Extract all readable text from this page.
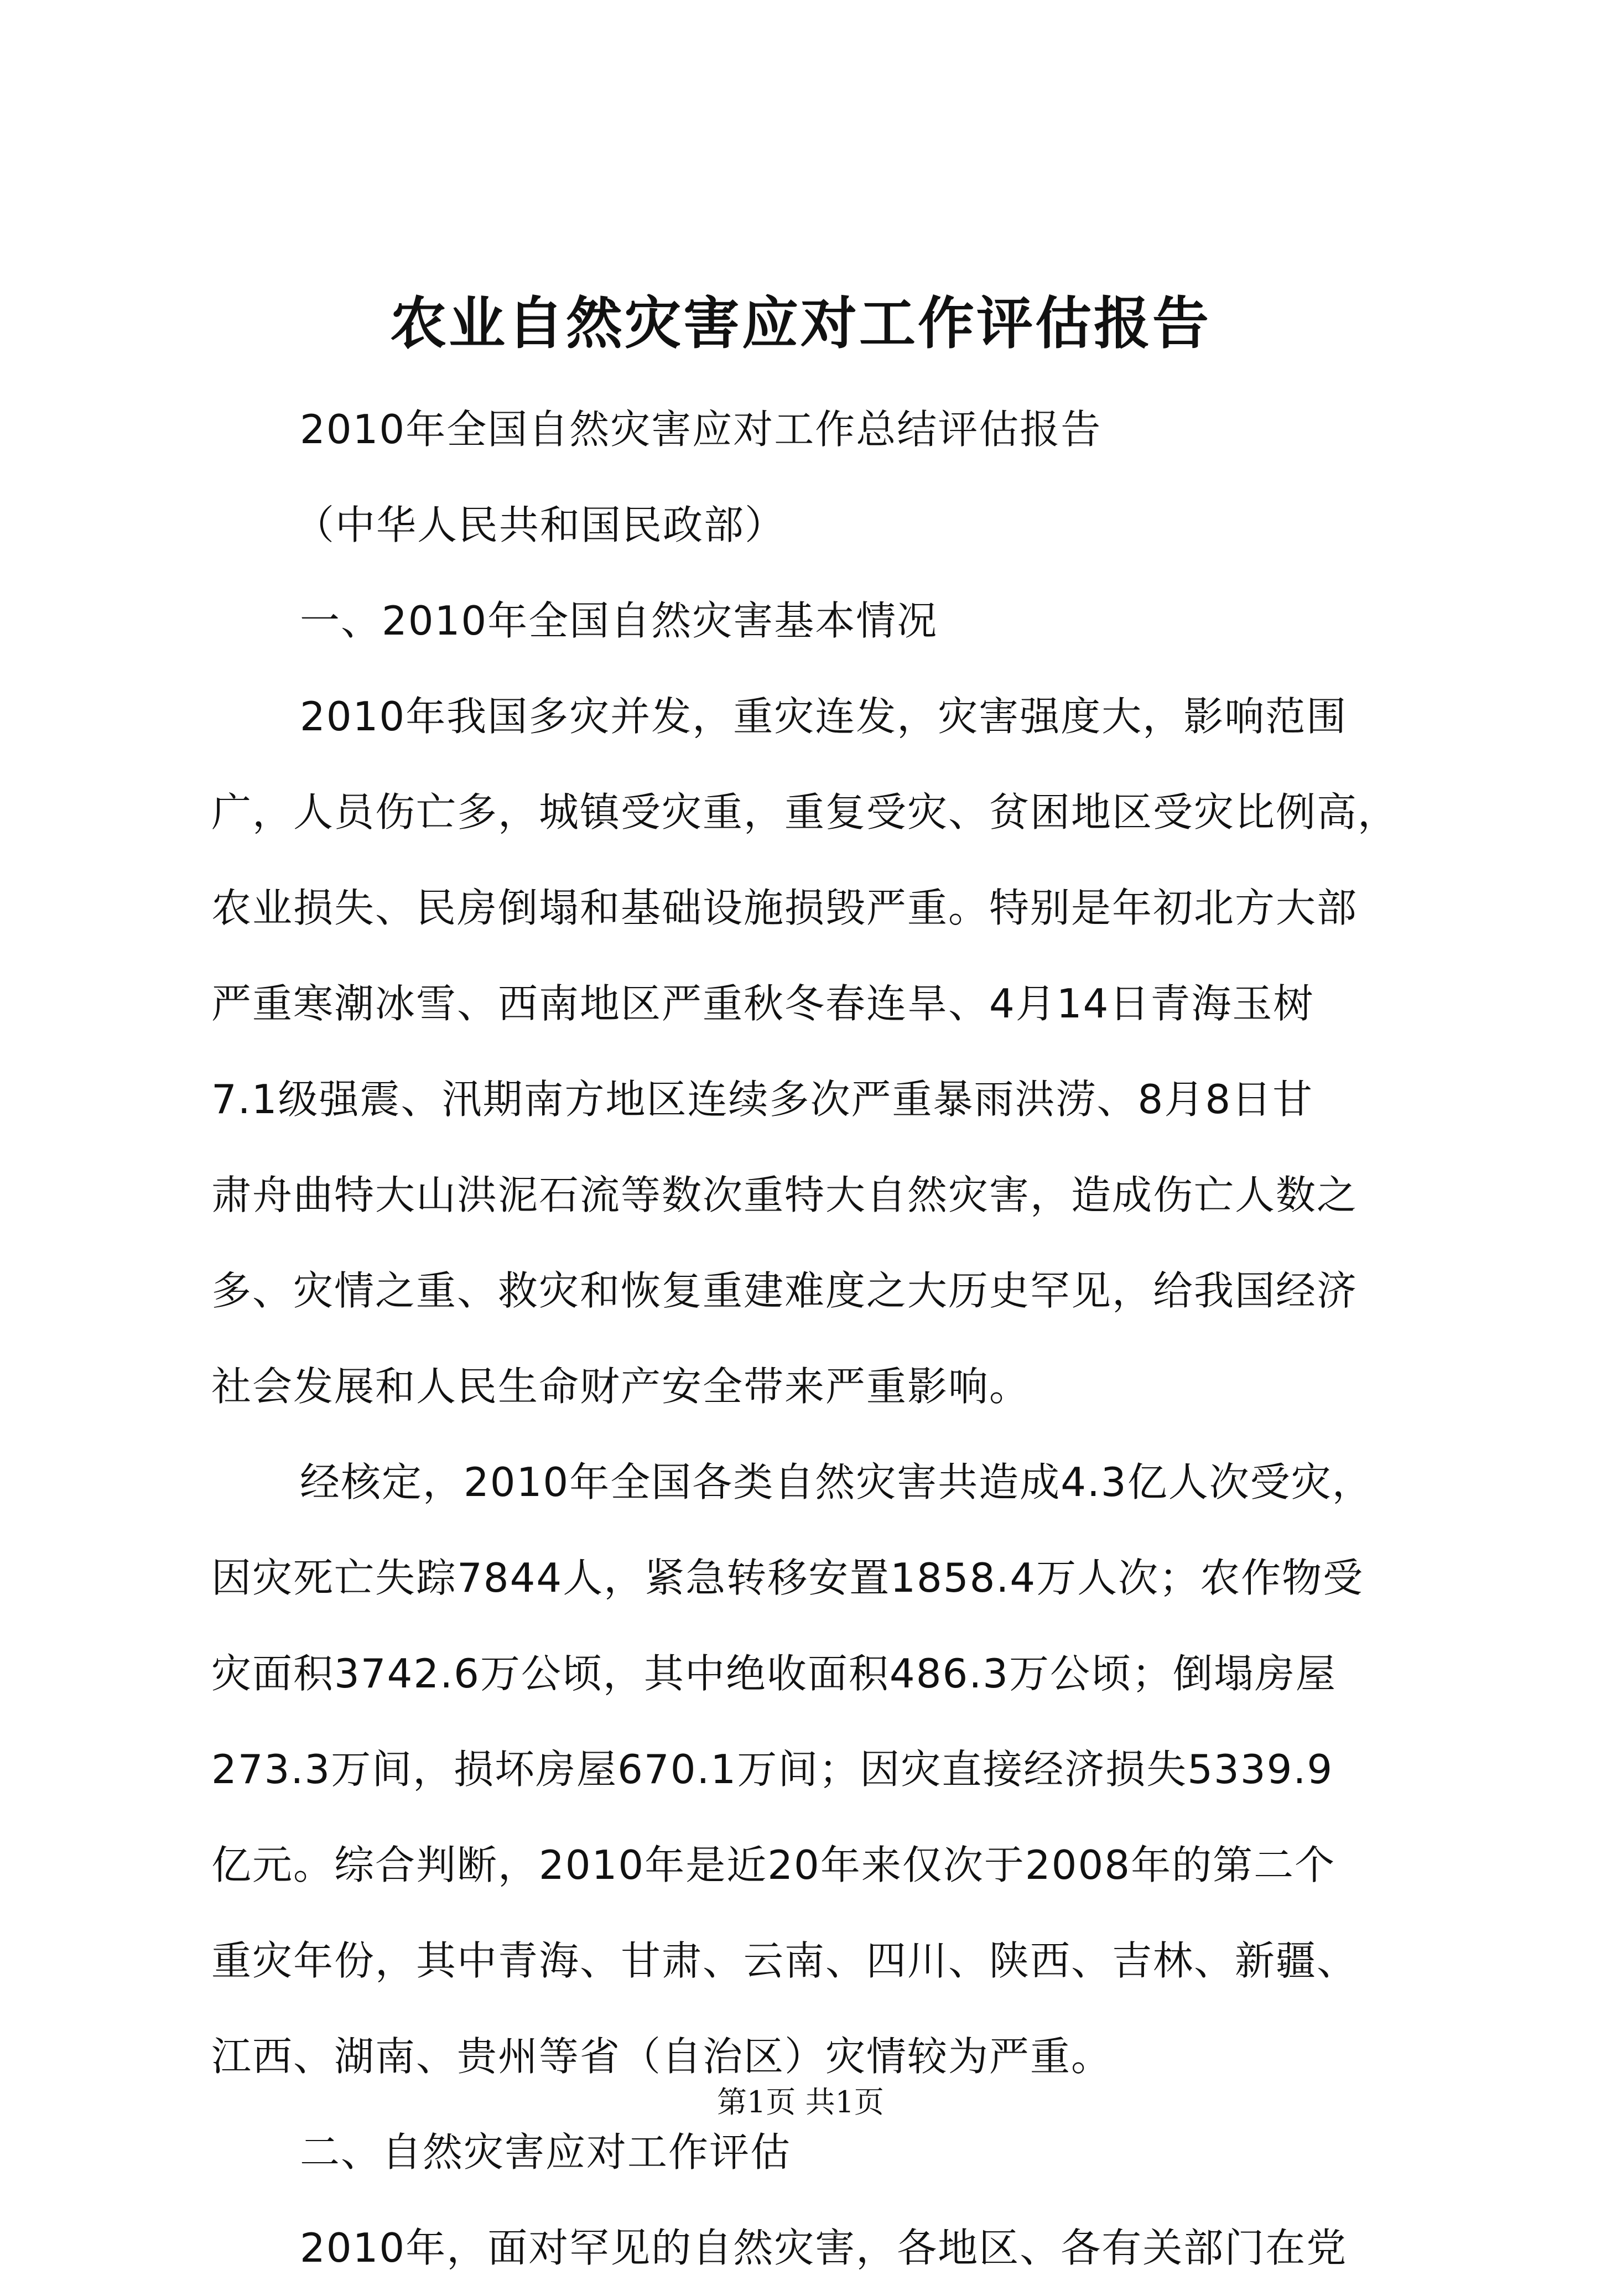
农业自然灾害应对工作评估报告
2010年全国自然灾害应对工作总结评估报告
（中华人民共和国民政部）
一、2010年全国自然灾害基本情况
2010年我国多灾并发，重灾连发，灾害强度大，影响范围
广，人员伤亡多，城镇受灾重，重复受灾、贫困地区受灾比例高，
农业损失、民房倒塌和基础设施损毁严重。特别是年初北方大部
严重寒潮冰雪、西南地区严重秋冬春连旱、4月14日青海玉树
7.1级强震、汛期南方地区连续多次严重暴雨洪涝、8月8日甘
肃舟曲特大山洪泥石流等数次重特大自然灾害，造成伤亡人数之
多、灾情之重、救灾和恢复重建难度之大历史罕见，给我国经济
社会发展和人民生命财产安全带来严重影响。
经核定，2010年全国各类自然灾害共造成4.3亿人次受灾，
因灾死亡失踪7844人，紧急转移安置1858.4万人次；农作物受
灾面积3742.6万公顷，其中绝收面积486.3万公顷；倒塌房屋
273.3万间，损坏房屋670.1万间；因灾直接经济损失5339.9
亿元。综合判断，2010年是近20年来仅次于2008年的第二个
重灾年份，其中青海、甘肃、云南、四川、陕西、吉林、新疆、
江西、湖南、贵州等省（自治区）灾情较为严重。
二、自然灾害应对工作评估
2010年，面对罕见的自然灾害，各地区、各有关部门在党
第1页 共1页
